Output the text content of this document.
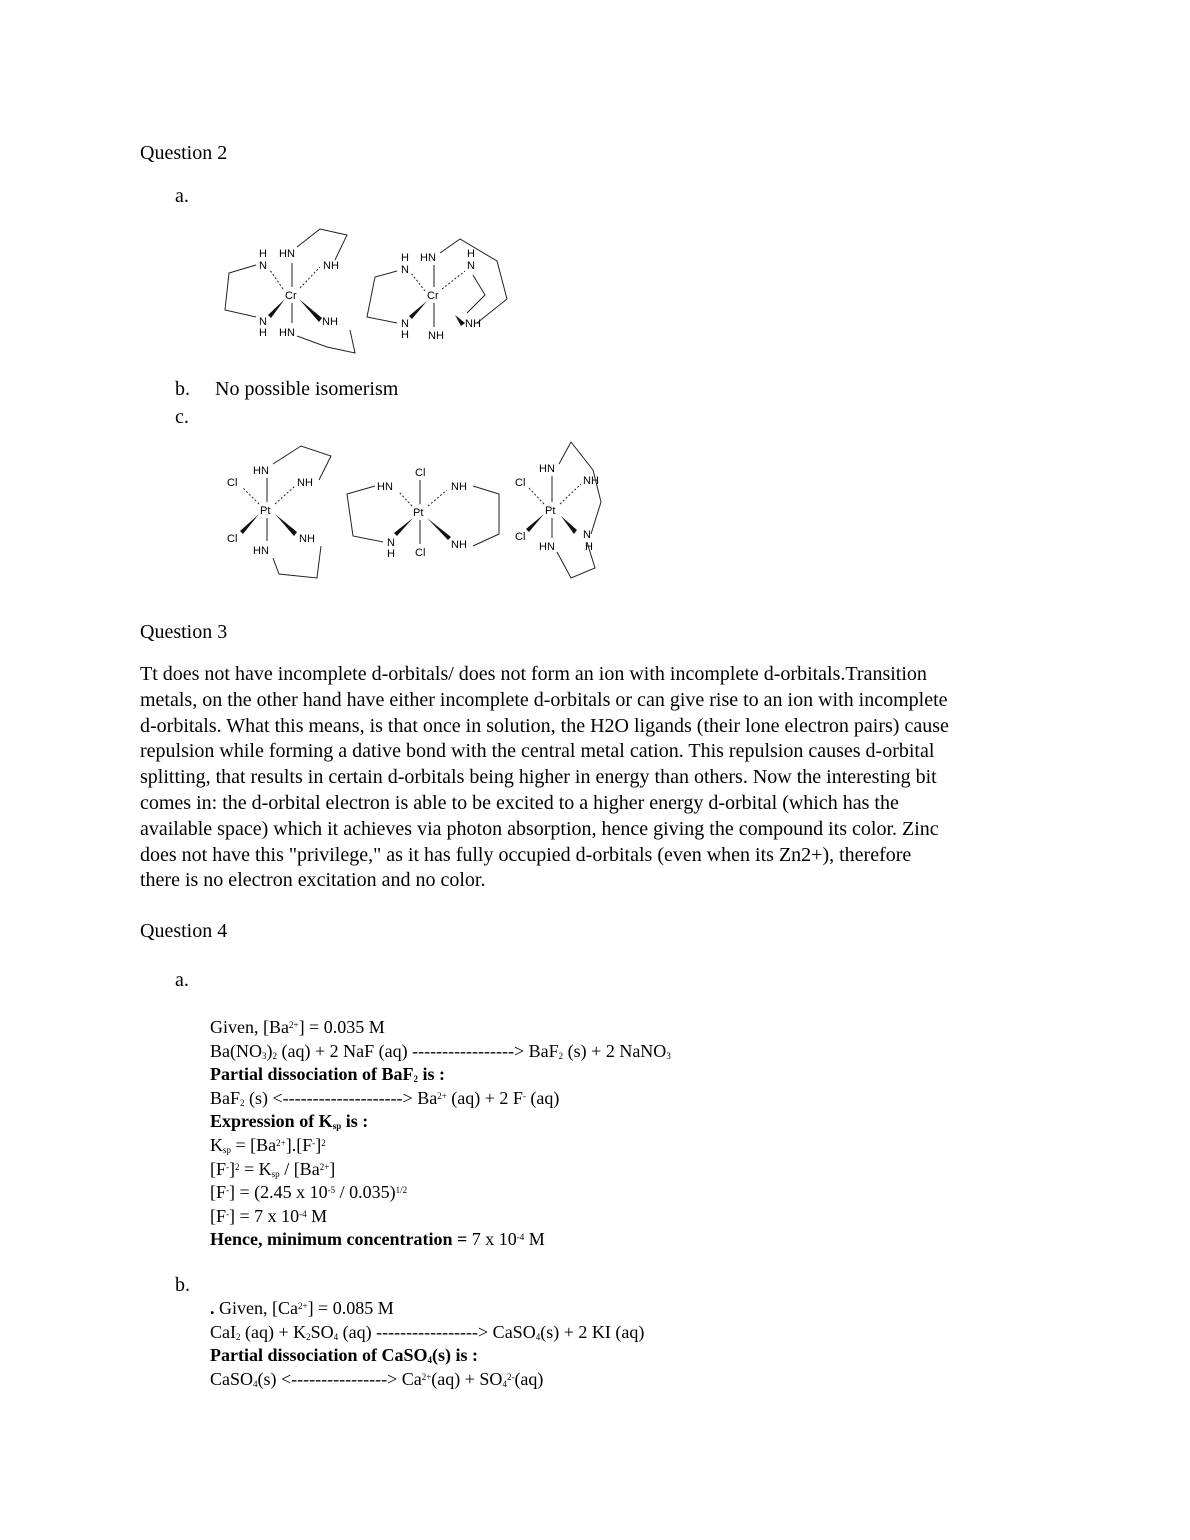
Question 2
a.
Cr
HN
NH
H
N
N
H
NH
HN
Cr
HN	H
N
H
N
N
H
NH
NH
b. No possible isomerism
c.
Pt
HN
NH
Cl
Cl	NH
HN
Pt
Cl
Cl
HN	NH
N
H
NH
Pt
HN
NH
Cl
Cl	N
H
HN
Question 3
Tt does not have incomplete d-orbitals/ does not form an ion with incomplete d-orbitals.Transition
metals, on the other hand have either incomplete d-orbitals or can give rise to an ion with incomplete
d-orbitals. What this means, is that once in solution, the H2O ligands (their lone electron pairs) cause
repulsion while forming a dative bond with the central metal cation. This repulsion causes d-orbital
splitting, that results in certain d-orbitals being higher in energy than others. Now the interesting bit
comes in: the d-orbital electron is able to be excited to a higher energy d-orbital (which has the
available space) which it achieves via photon absorption, hence giving the compound its color. Zinc
does not have this "privilege," as it has fully occupied d-orbitals (even when its Zn2+), therefore
there is no electron excitation and no color.
Question 4
a.
Given, $[Ba^{2+}] = 0.035$ M
$Ba(NO_3)_2$ (aq) + 2 NaF (aq) -----------------> BaF$_2$ (s) + 2 NaNO$_3$
Partial dissociation of BaF$_2$ is :
BaF$_2$ (s) <--------------------> $Ba^{2+}$ (aq) + 2 F- (aq)
Expression of $K_{sp}$ is :
$K_{sp} = [Ba^{2+}].[F^-]^2$
$[F^-]^2 = K_{sp} / [Ba^{2+}]$
[F-] = (2.45 x $10^{-5} / 0.035)^{1/2}$
[F-] = 7 x $10^{-4}$ M
Hence, minimum concentration = 7 x $10^{-4}$ M
b.
. Given, $[Ca^{2+}] = 0.085$ M
CaI$_2$ $(aq) + K_2SO_4$ (aq) -----------------> CaSO$_4$(s) + 2 KI (aq)
Partial dissociation of CaSO$_4$(s) is :
CaSO$_4$(s) <----------------> $Ca^{2+}(aq) + SO_4^{2-}(aq)$
